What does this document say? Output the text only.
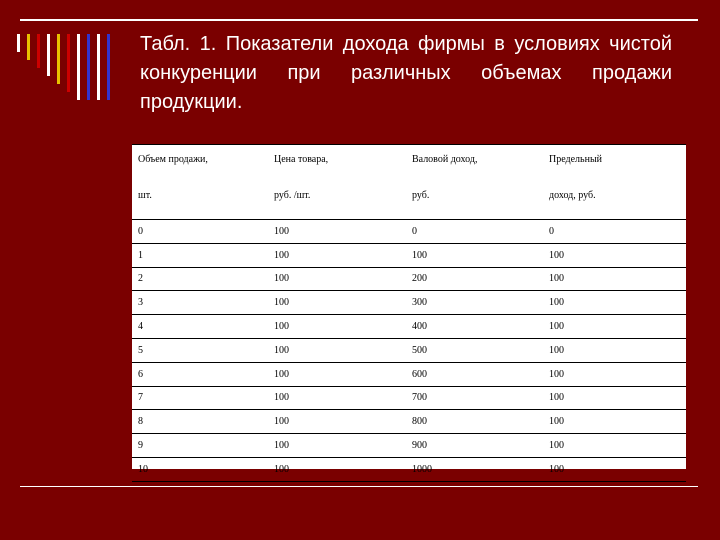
Табл. 1. Показатели дохода фирмы в условиях чистой конкуренции при различных объемах продажи продукции.
Объем продажи,	Цена товара,	Валовой доход,	Предельный
шт.	руб. /шт.	руб.	доход, руб.
0	100	0	0
1	100	100	100
2	100	200	100
3	100	300	100
4	100	400	100
5	100	500	100
6	100	600	100
7	100	700	100
8	100	800	100
9	100	900	100
10	100	1000	100
